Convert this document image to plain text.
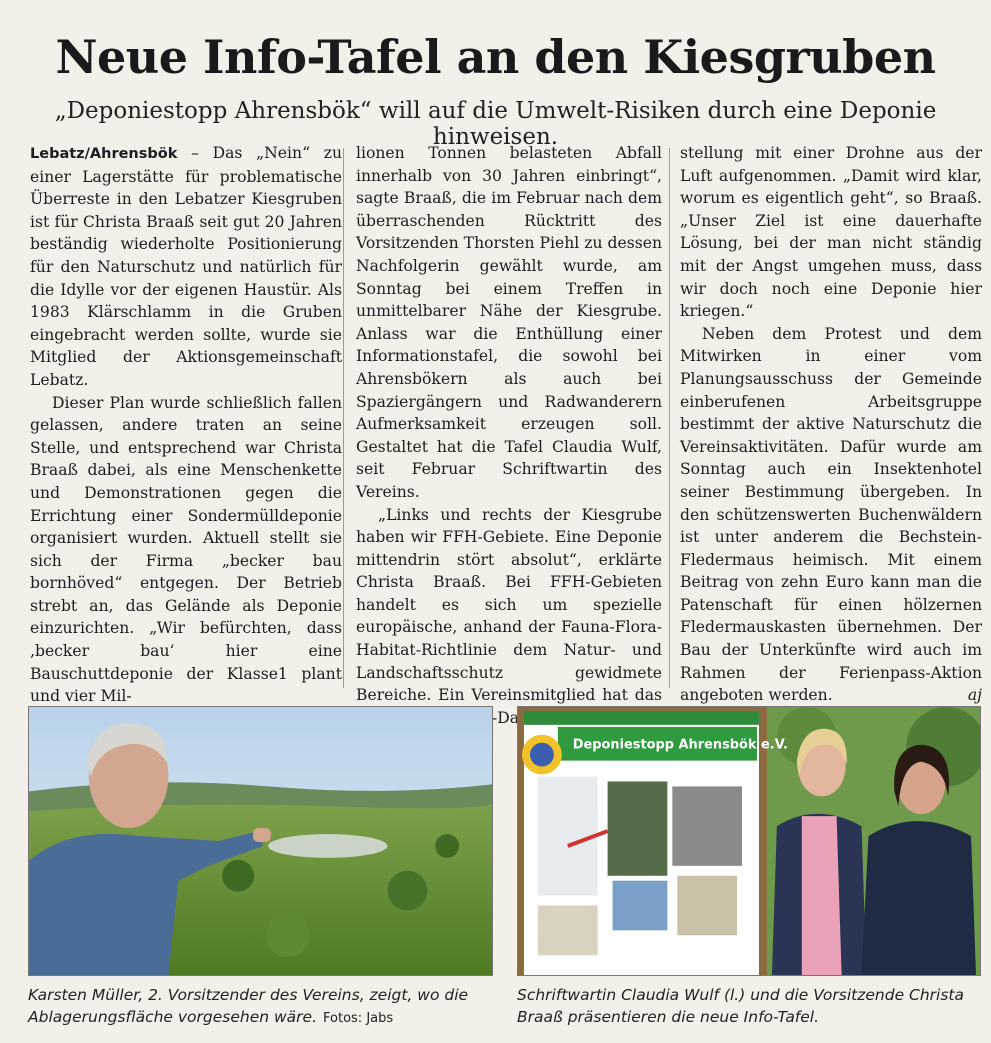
Neue Info-Tafel an den Kiesgruben
„Deponiestopp Ahrensbök“ will auf die Umwelt-Risiken durch eine Deponie hinweisen.

Lebatz/Ahrensbök – Das „Nein“ zu einer Lagerstätte für problematische Überreste in den Lebatzer Kiesgruben ist für Christa Braaß seit gut 20 Jahren beständig wiederholte Positionierung für den Naturschutz und natürlich für die Idylle vor der eigenen Haustür. Als 1983 Klärschlamm in die Gruben eingebracht werden sollte, wurde sie Mitglied der Aktionsgemeinschaft Lebatz.

Dieser Plan wurde schließlich fallen gelassen, andere traten an seine Stelle, und entsprechend war Christa Braaß dabei, als eine Menschenkette und Demonstrationen gegen die Errichtung einer Sondermülldeponie organisiert wurden. Aktuell stellt sie sich der Firma „becker bau bornhöved“ entgegen. Der Betrieb strebt an, das Gelände als Deponie einzurichten. „Wir befürchten, dass ‚becker bau‘ hier eine Bauschuttdeponie der Klasse1 plant und vier Mil-

lionen Tonnen belasteten Abfall innerhalb von 30 Jahren einbringt“, sagte Braaß, die im Februar nach dem überraschenden Rücktritt des Vorsitzenden Thorsten Piehl zu dessen Nachfolgerin gewählt wurde, am Sonntag bei einem Treffen in unmittelbarer Nähe der Kiesgrube. Anlass war die Enthüllung einer Informationstafel, die sowohl bei Ahrensbökern als auch bei Spaziergängern und Radwanderern Aufmerksamkeit erzeugen soll. Gestaltet hat die Tafel Claudia Wulf, seit Februar Schriftwartin des Vereins.

„Links und rechts der Kiesgrube haben wir FFH-Gebiete. Eine Deponie mittendrin stört absolut“, erklärte Christa Braaß. Bei FFH-Gebieten handelt es sich um spezielle europäische, anhand der Fauna-Flora-Habitat-Richtlinie dem Natur- und Landschaftsschutz gewidmete Bereiche. Ein Vereinsmitglied hat das Info-Dar-

stellung mit einer Drohne aus der Luft aufgenommen. „Damit wird klar, worum es eigentlich geht“, so Braaß. „Unser Ziel ist eine dauerhafte Lösung, bei der man nicht ständig mit der Angst umgehen muss, dass wir doch noch eine Deponie hier kriegen.“

Neben dem Protest und dem Mitwirken in einer vom Planungsausschuss der Gemeinde einberufenen Arbeitsgruppe bestimmt der aktive Naturschutz die Vereinsaktivitäten. Dafür wurde am Sonntag auch ein Insektenhotel seiner Bestimmung übergeben. In den schützenswerten Buchenwäldern ist unter anderem die Bechstein-Fledermaus heimisch. Mit einem Beitrag von zehn Euro kann man die Patenschaft für einen hölzernen Fledermauskasten übernehmen. Der Bau der Unterkünfte wird auch im Rahmen der Ferienpass-Aktion angeboten werden.	aj

Deponiestopp Ahrensbök e.V.
Karsten Müller, 2. Vorsitzender des Vereins, zeigt, wo die Ablagerungsfläche vorgesehen wäre. Fotos: Jabs
Schriftwartin Claudia Wulf (l.) und die Vorsitzende Christa Braaß präsentieren die neue Info-Tafel.
